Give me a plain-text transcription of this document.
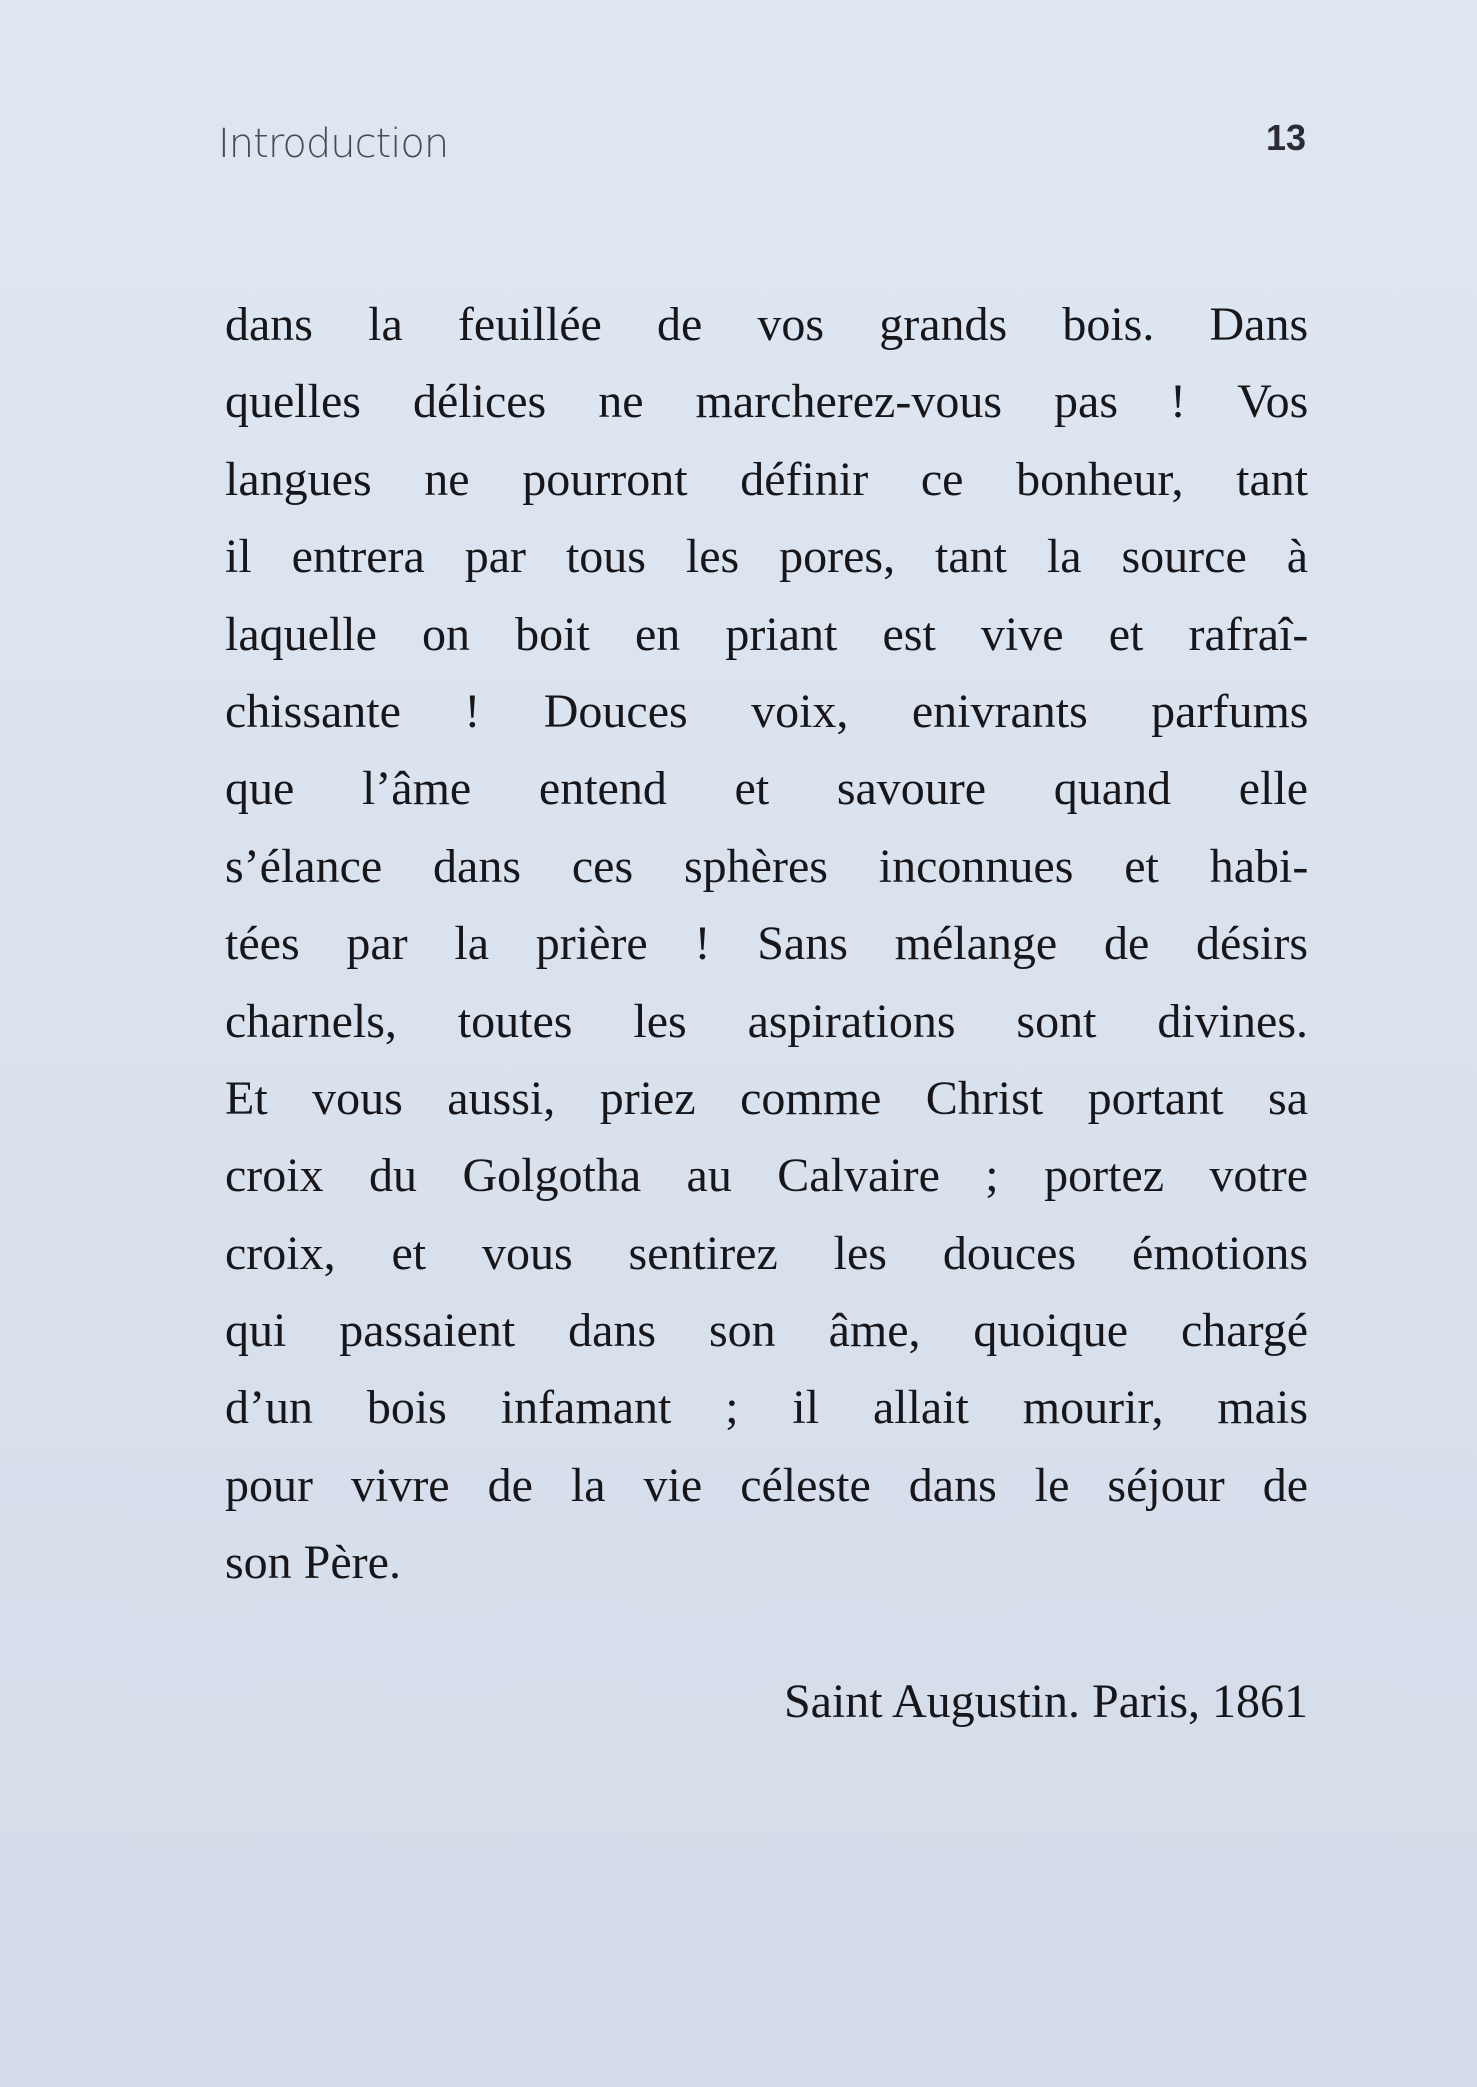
Introduction	13
dans la feuillée de vos grands bois. Dans
quelles délices ne marcherez-vous pas ! Vos
langues ne pourront définir ce bonheur, tant
il entrera par tous les pores, tant la source à
laquelle on boit en priant est vive et rafraî-
chissante ! Douces voix, enivrants parfums
que l’âme entend et savoure quand elle
s’élance dans ces sphères inconnues et habi-
tées par la prière ! Sans mélange de désirs
charnels, toutes les aspirations sont divines.
Et vous aussi, priez comme Christ portant sa
croix du Golgotha au Calvaire ; portez votre
croix, et vous sentirez les douces émotions
qui passaient dans son âme, quoique chargé
d’un bois infamant ; il allait mourir, mais
pour vivre de la vie céleste dans le séjour de
son Père.
Saint Augustin. Paris, 1861
